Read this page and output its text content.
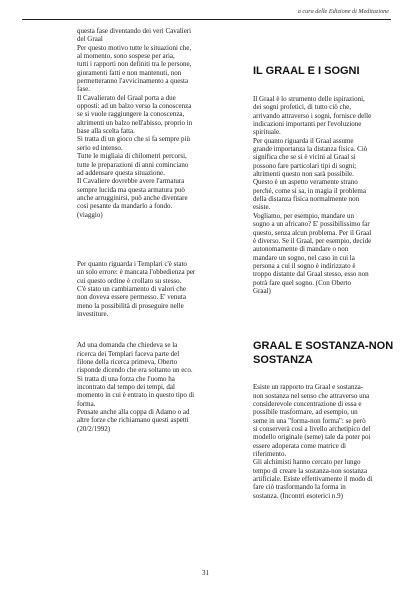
a cura delle Edizione di Meditazione
questa fase diventando dei veri Cavalieri
del Graal
Per questo motivo tutte le situazioni che,
al momento, sono sospese per aria,
tutti i rapporti non definiti tra le persone,
giuramenti fatti e non mantenuti, non
permetteranno l'avvicinamento a questa
fase.
Il Cavalierato del Graal porta a due
opposti: ad un balzo verso la conoscenza
se si vuole raggiungere la conoscenza,
altrimenti un balzo nell'abisso, proprio in
base alla scelta fatta.
Si tratta di un gioco che si fa sempre più
serio ed intenso.
Tutte le migliaia di chilometri percorsi,
tutte le preparazioni di anni cominciano
ad addensare questa situazione.
Il Cavaliere dovrebbe avere l'armatura
sempre lucida ma questa armatura può
anche arrugginirsi, può anche diventare
così pesante da mandarlo a fondo.
(viaggio)
Per quanto riguarda i Templari c'è stato
un solo errore: è mancata l'obbedienza per
cui questo ordine è crollato su stesso.
C'è stato un cambiamento di valori che
non doveva essere permesso. E' venuta
meno la possibilità di proseguire nelle
investiture.
Ad una domanda che chiedeva se la
ricerca dei Templari faceva parte del
filone della ricerca primeva, Oberto
risponde dicendo che era soltanto un eco.
Si tratta di una forza che l'uomo ha
incontrato dal tempo dei tempi, dal
momento in cui è entrato in questo tipo di
forma.
Pensate anche alla coppa di Adamo o ad
altre forze che richiamano questi aspetti
(20/2/1992)
IL GRAAL E I SOGNI
Il Graal è lo strumento delle ispirazioni,
dei sogni profetici, di tutto ciò che,
arrivando attraverso i sogni, fornisce delle
indicazioni importanti per l'evoluzione
spirituale.
Per quanto riguarda il Graal assume
grande importanza la distanza fisica. Ciò
significa che se si è vicini al Graal si
possono fare particolari tipi di sogni;
altrimenti questo non sarà possibile.
Questo è un aspetto veramente strano
perché, come si sa, in magia il problema
della distanza fisica normalmente non
esiste.
Vogliamo, per esempio, mandare un
sogno a un africano? E' possibilissimo far
questo, senza alcun problema. Per il Graal
è diverso. Se il Graal, per esempio, decide
autonomamente di mandare o non
mandare un sogno, nel caso in cui la
persona a cui il sogno è indirizzato è
troppo distante dal Graal stesso, esso non
potrà fare quel sogno. (Con Oberto
Graal)
GRAAL E SOSTANZA-NON
SOSTANZA
Esiste un rapporto tra Graal e sostanza-
non sostanza nel senso che attraverso una
considerevole concentrazione di essa e
possibile trasformare, ad esempio, un
seme in una "forma-non forma": se però
si conserverà così a livello archetipico del
modello originale (seme) tale da poter poi
essere adoperata come matrice di
riferimento.
Gli alchimisti hanno cercato per lungo
tempo di creare la sostanza-non sostanza
artificiale. Esiste effettivamente il modo di
fare ciò trasformando la forma in
sostanza. (Incontri esoterici n.9)
31
